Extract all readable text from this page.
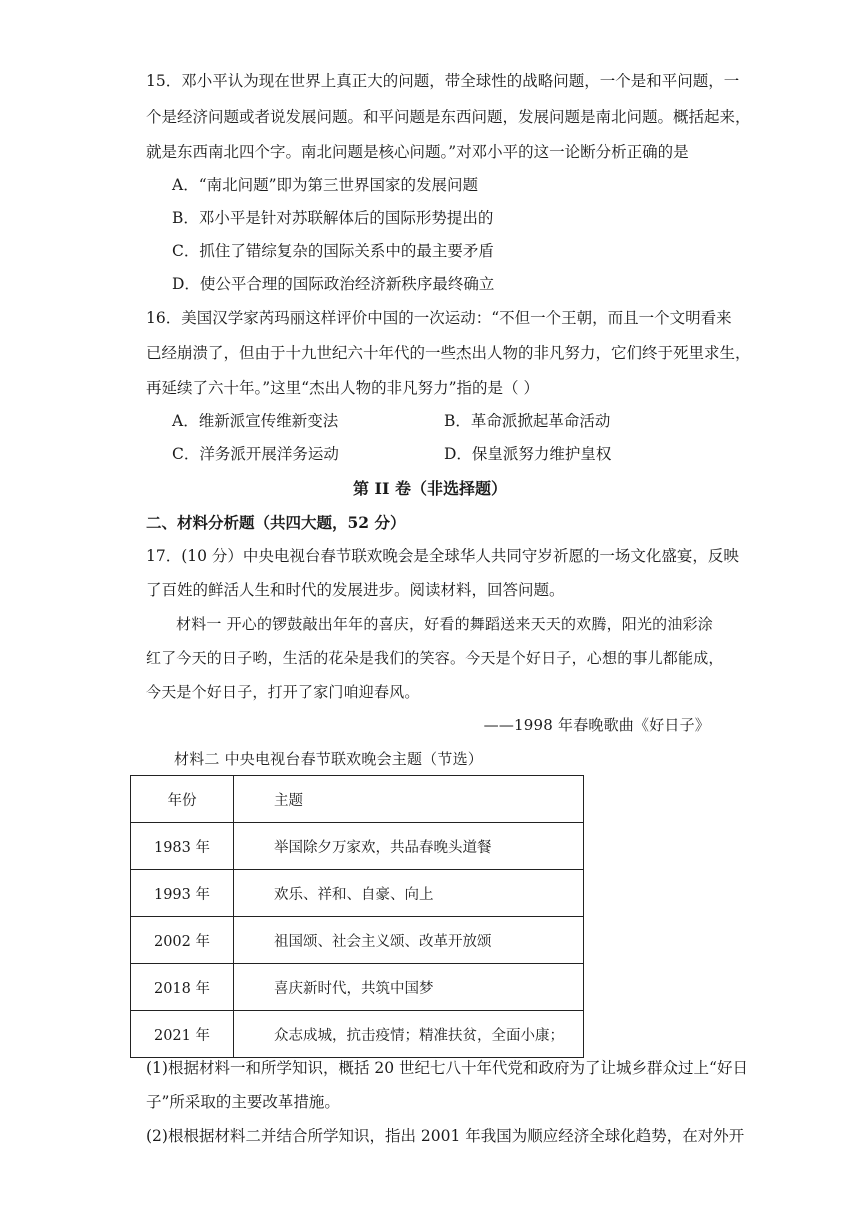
15．邓小平认为现在世界上真正大的问题，带全球性的战略问题，一个是和平问题，一
个是经济问题或者说发展问题。和平问题是东西问题，发展问题是南北问题。概括起来，
就是东西南北四个字。南北问题是核心问题。”对邓小平的这一论断分析正确的是
A．“南北问题”即为第三世界国家的发展问题
B．邓小平是针对苏联解体后的国际形势提出的
C．抓住了错综复杂的国际关系中的最主要矛盾
D．使公平合理的国际政治经济新秩序最终确立
16．美国汉学家芮玛丽这样评价中国的一次运动：“不但一个王朝，而且一个文明看来
已经崩溃了，但由于十九世纪六十年代的一些杰出人物的非凡努力，它们终于死里求生，
再延续了六十年。”这里“杰出人物的非凡努力”指的是（ ）
A．维新派宣传维新变法	B．革命派掀起革命活动
C．洋务派开展洋务运动	D．保皇派努力维护皇权
第 II 卷（非选择题）
二、材料分析题（共四大题，52 分）
17．(10 分）中央电视台春节联欢晚会是全球华人共同守岁祈愿的一场文化盛宴，反映
了百姓的鲜活人生和时代的发展进步。阅读材料，回答问题。
材料一 开心的锣鼓敲出年年的喜庆，好看的舞蹈送来天天的欢腾，阳光的油彩涂
红了今天的日子哟，生活的花朵是我们的笑容。今天是个好日子，心想的事儿都能成，
今天是个好日子，打开了家门咱迎春风。
——1998 年春晚歌曲《好日子》
材料二 中央电视台春节联欢晚会主题（节选）
年份	主题
1983 年	举国除夕万家欢，共品春晚头道餐
1993 年	欢乐、祥和、自豪、向上
2002 年	祖国颂、社会主义颂、改革开放颂
2018 年	喜庆新时代，共筑中国梦
2021 年	众志成城，抗击疫情；精准扶贫，全面小康；
(1)根据材料一和所学知识，概括 20 世纪七八十年代党和政府为了让城乡群众过上“好日
子”所采取的主要改革措施。
(2)根根据材料二并结合所学知识，指出 2001 年我国为顺应经济全球化趋势，在对外开
